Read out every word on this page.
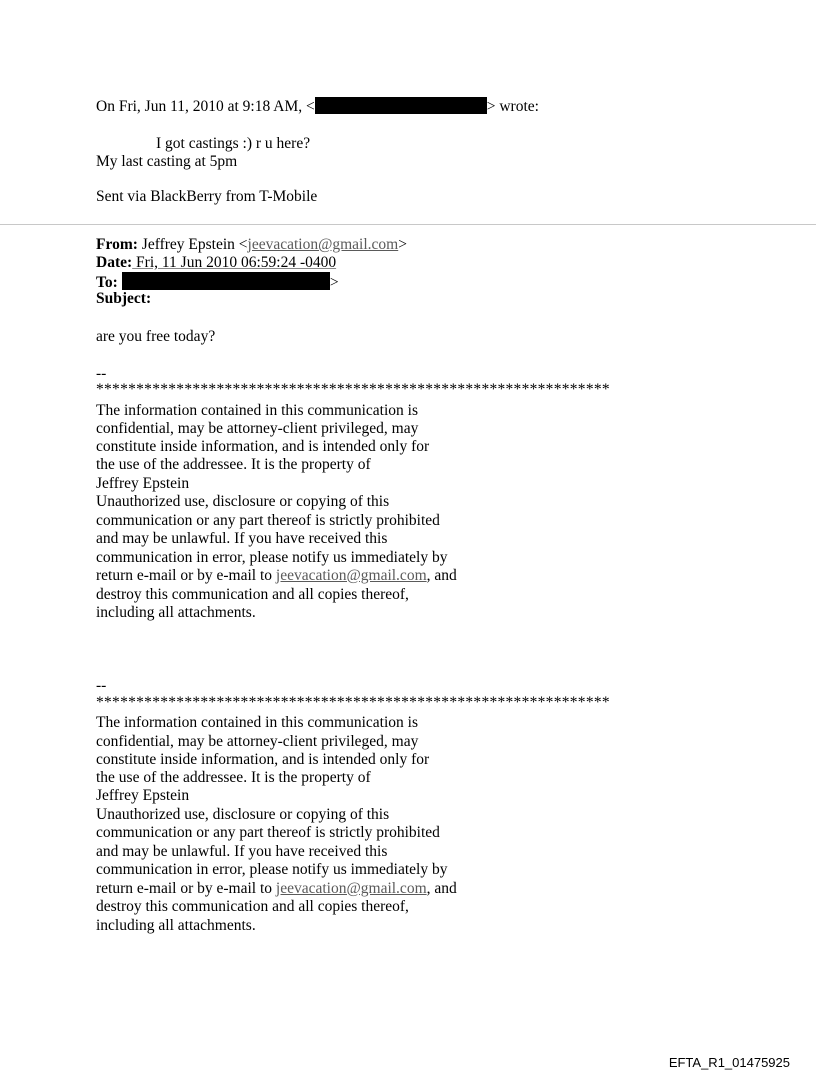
On Fri, Jun 11, 2010 at 9:18 AM, <	> wrote:
I got castings :) r u here?
My last casting at 5pm
Sent via BlackBerry from T-Mobile
From: Jeffrey Epstein <jeevacation@gmail.com>
Date: Fri, 11 Jun 2010 06:59:24 -0400
To:	>
Subject:
are you free today?
--
****************************************************************
The information contained in this communication is
confidential, may be attorney-client privileged, may
constitute inside information, and is intended only for
the use of the addressee. It is the property of
Jeffrey Epstein
Unauthorized use, disclosure or copying of this
communication or any part thereof is strictly prohibited
and may be unlawful. If you have received this
communication in error, please notify us immediately by
return e-mail or by e-mail to jeevacation@gmail.com, and
destroy this communication and all copies thereof,
including all attachments.
--
****************************************************************
The information contained in this communication is
confidential, may be attorney-client privileged, may
constitute inside information, and is intended only for
the use of the addressee. It is the property of
Jeffrey Epstein
Unauthorized use, disclosure or copying of this
communication or any part thereof is strictly prohibited
and may be unlawful. If you have received this
communication in error, please notify us immediately by
return e-mail or by e-mail to jeevacation@gmail.com, and
destroy this communication and all copies thereof,
including all attachments.
EFTA_R1_01475925
